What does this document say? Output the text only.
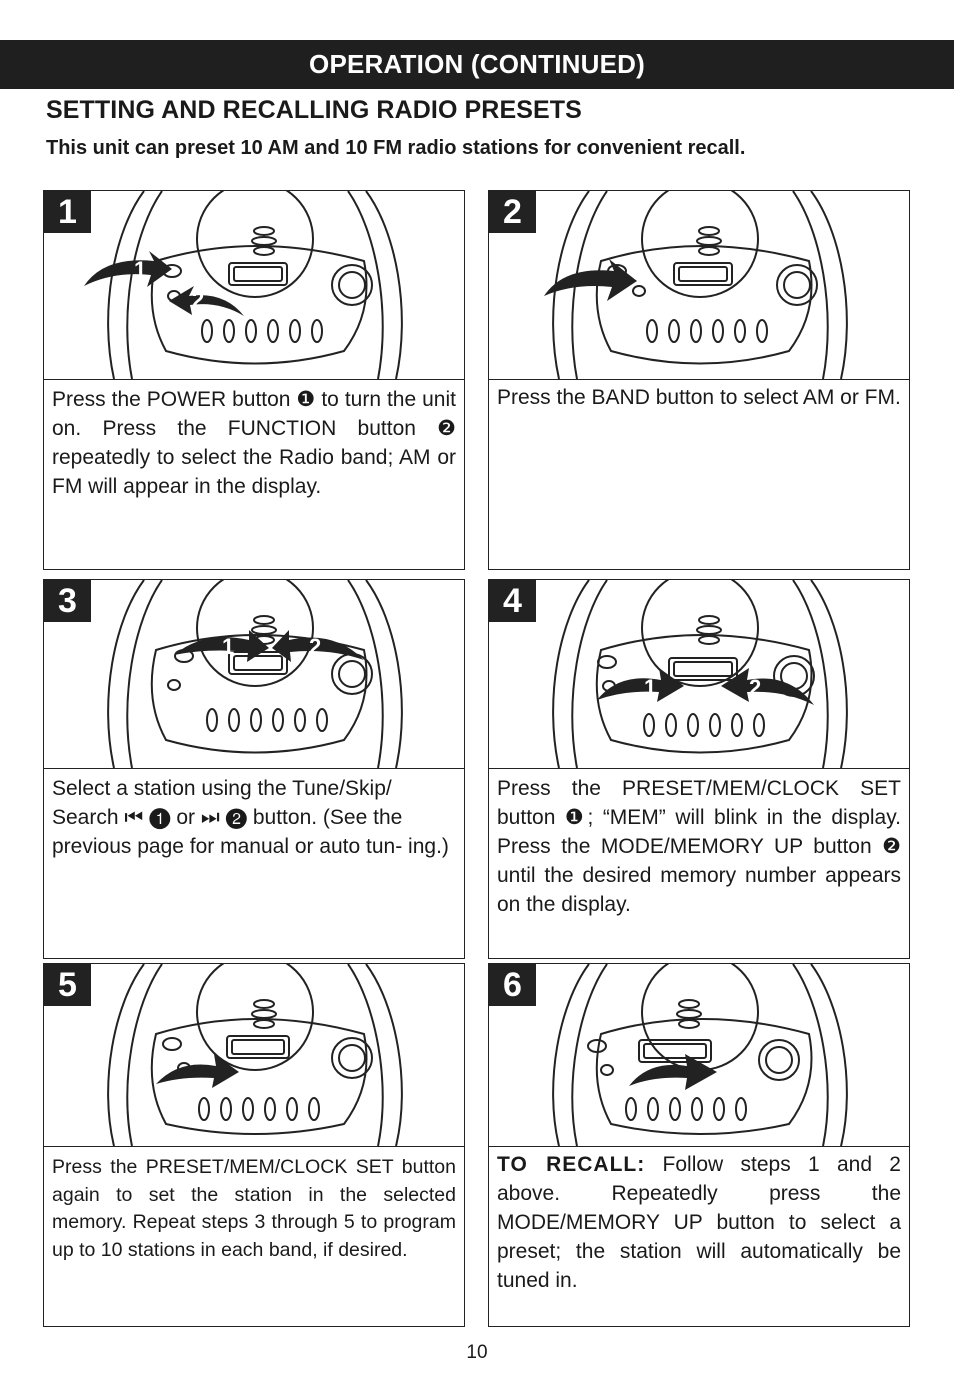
OPERATION (CONTINUED)
SETTING AND RECALLING RADIO PRESETS
This unit can preset 10 AM and 10 FM radio stations for convenient recall.
1
1
2
Press the POWER button ❶ to turn the unit on. Press the FUNCTION button ❷ repeatedly to select the Radio band; AM or FM will appear in the display.
2
Press the BAND button to select AM or FM.
3
1	2
Select a station using the Tune/Skip/ Search ⏮ ❶ or ⏭ ❷ button. (See the previous page for manual or auto tun- ing.)
4
1	2
Press the PRESET/MEM/CLOCK SET button ❶; “MEM” will blink in the display. Press the MODE/MEMORY UP button ❷ until the desired memory number appears on the display.
5
Press the PRESET/MEM/CLOCK SET button again to set the station in the selected memory. Repeat steps 3 through 5 to program up to 10 stations in each band, if desired.
6
TO RECALL: Follow steps 1 and 2 above. Repeatedly press the MODE/MEMORY UP button to select a preset; the station will automatically be tuned in.
10
